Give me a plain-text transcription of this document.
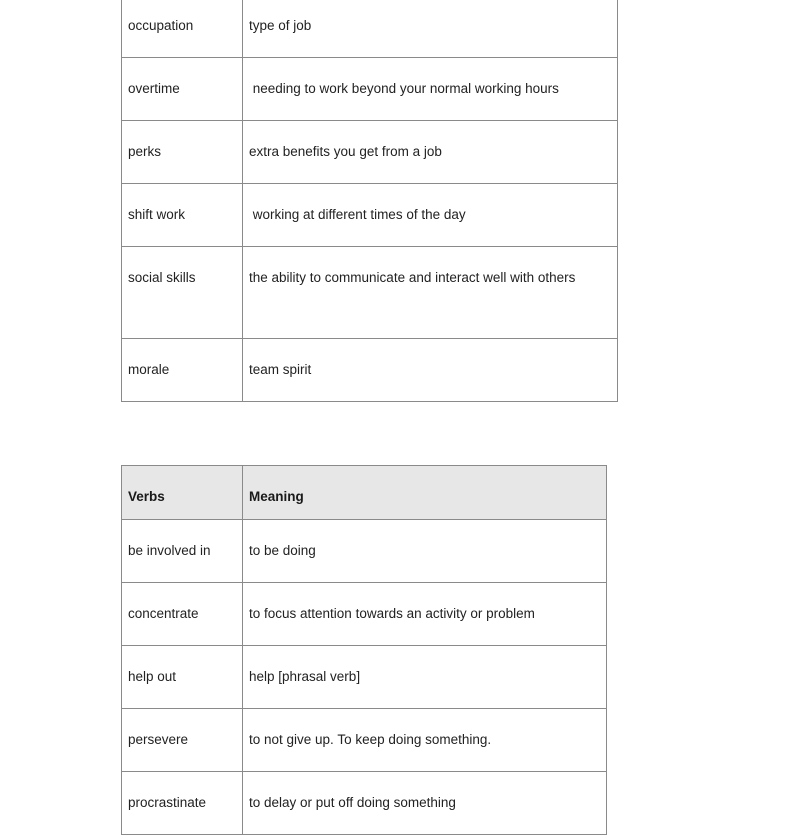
occupation	type of job
overtime	needing to work beyond your normal working hours
perks	extra benefits you get from a job
shift work	working at different times of the day
social skills	the ability to communicate and interact well with others
morale	team spirit
Verbs	Meaning
be involved in	to be doing
concentrate	to focus attention towards an activity or problem
help out	help [phrasal verb]
persevere	to not give up. To keep doing something.
procrastinate	to delay or put off doing something
